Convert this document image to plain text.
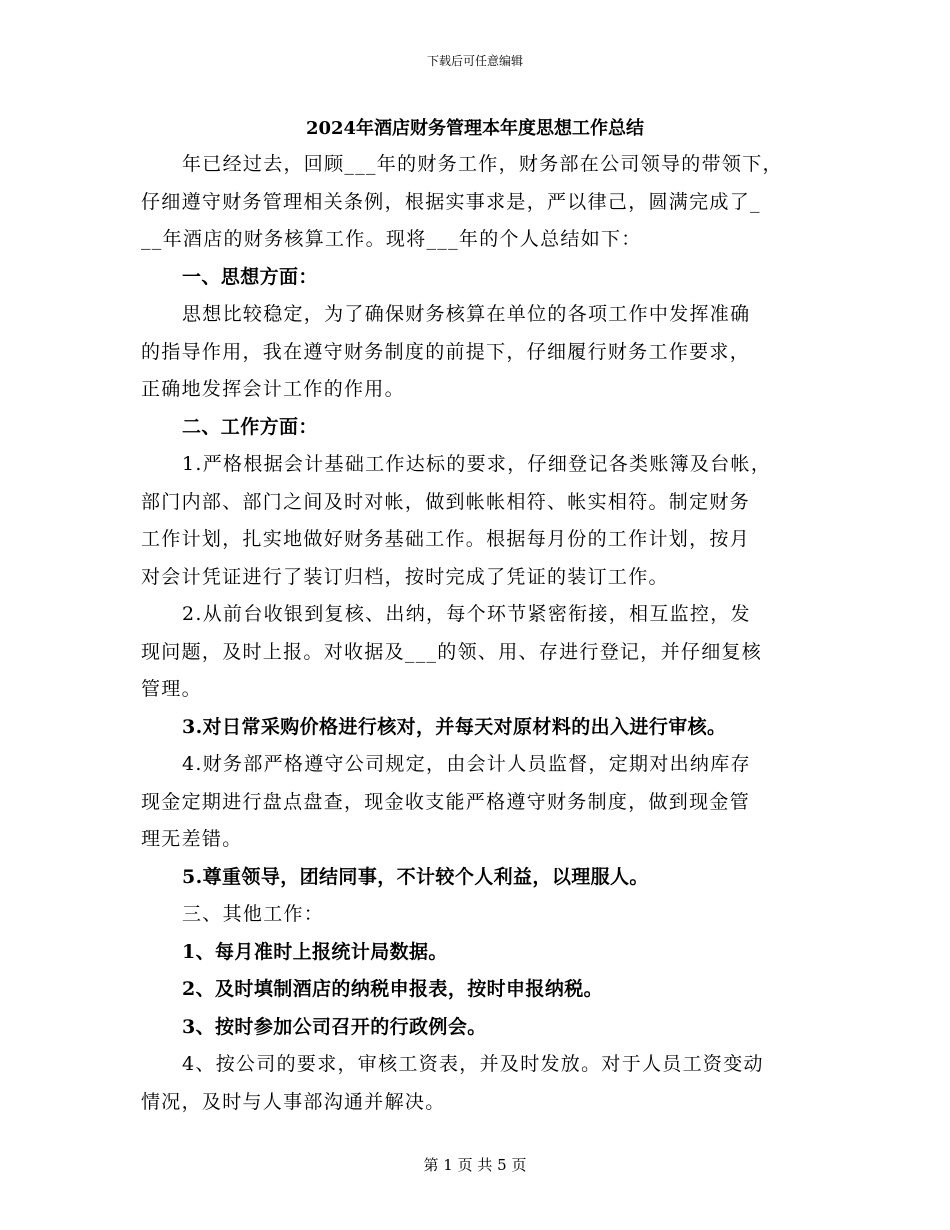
下载后可任意编辑
2024年酒店财务管理本年度思想工作总结
年已经过去，回顾___年的财务工作，财务部在公司领导的带领下，
仔细遵守财务管理相关条例，根据实事求是，严以律己，圆满完成了_
__年酒店的财务核算工作。现将___年的个人总结如下：
一、思想方面：
思想比较稳定，为了确保财务核算在单位的各项工作中发挥准确
的指导作用，我在遵守财务制度的前提下，仔细履行财务工作要求，
正确地发挥会计工作的作用。
二、工作方面：
1.严格根据会计基础工作达标的要求，仔细登记各类账簿及台帐，
部门内部、部门之间及时对帐，做到帐帐相符、帐实相符。制定财务
工作计划，扎实地做好财务基础工作。根据每月份的工作计划，按月
对会计凭证进行了装订归档，按时完成了凭证的装订工作。
2.从前台收银到复核、出纳，每个环节紧密衔接，相互监控，发
现问题，及时上报。对收据及___的领、用、存进行登记，并仔细复核
管理。
3.对日常采购价格进行核对，并每天对原材料的出入进行审核。
4.财务部严格遵守公司规定，由会计人员监督，定期对出纳库存
现金定期进行盘点盘查，现金收支能严格遵守财务制度，做到现金管
理无差错。
5.尊重领导，团结同事，不计较个人利益，以理服人。
三、其他工作：
1、每月准时上报统计局数据。
2、及时填制酒店的纳税申报表，按时申报纳税。
3、按时参加公司召开的行政例会。
4、按公司的要求，审核工资表，并及时发放。对于人员工资变动
情况，及时与人事部沟通并解决。
第 1 页 共 5 页
